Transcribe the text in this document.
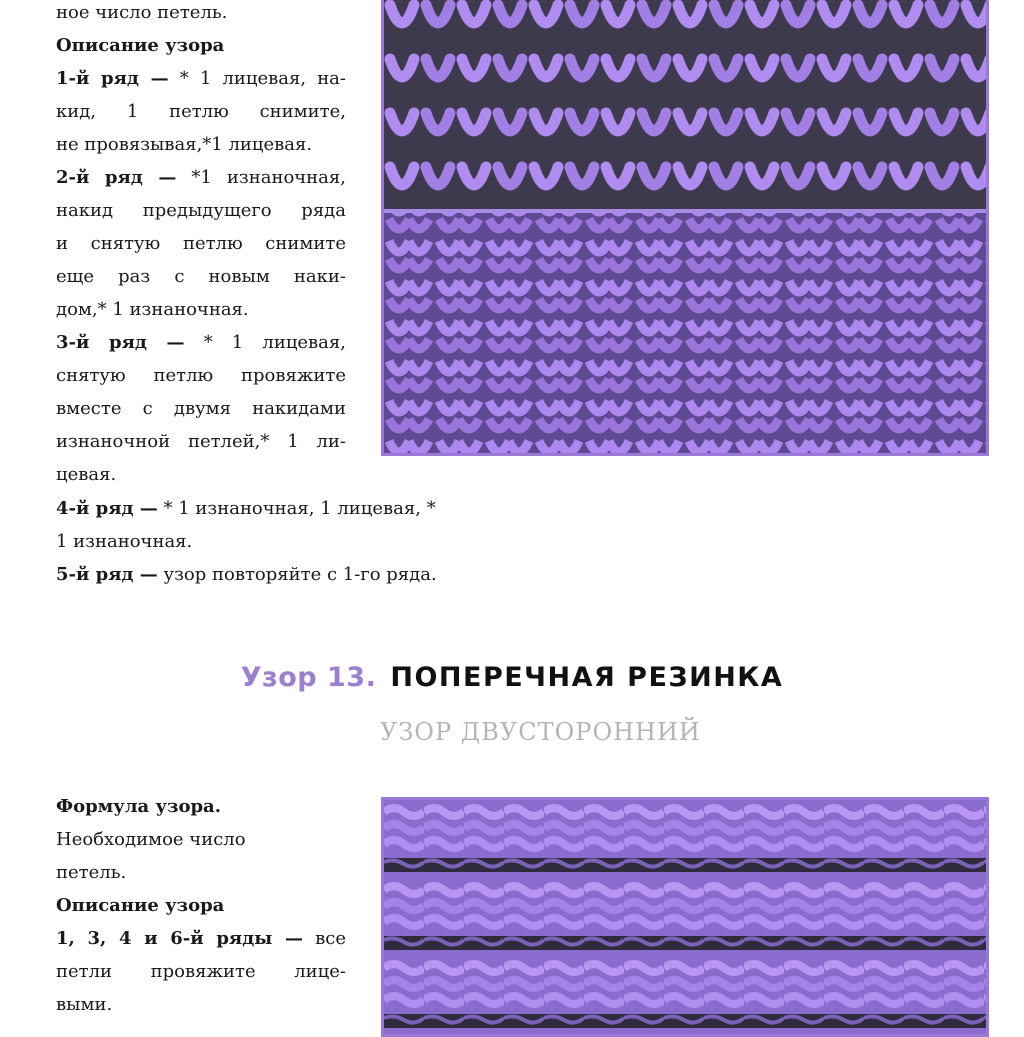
ное число петель.

Описание узора

1-й ряд — * 1 лицевая, на-

кид, 1 петлю снимите,

не провязывая,*1 лицевая.

2-й ряд — *1 изнаночная,

накид предыдущего ряда

и снятую петлю снимите

еще раз с новым наки-

дом,* 1 изнаночная.

3-й ряд — * 1 лицевая,

снятую петлю провяжите

вместе с двумя накидами

изнаночной петлей,* 1 ли-

цевая.

4-й ряд — * 1 изнаночная, 1 лицевая, *

1 изнаночная.

5-й ряд — узор повторяйте с 1-го ряда.

Узор 13. ПОПЕРЕЧНАЯ РЕЗИНКА
УЗОР ДВУСТОРОННИЙ

Формула узора.

Необходимое число

петель.

Описание узора

1, 3, 4 и 6-й ряды — все

петли провяжите лице-

выми.
